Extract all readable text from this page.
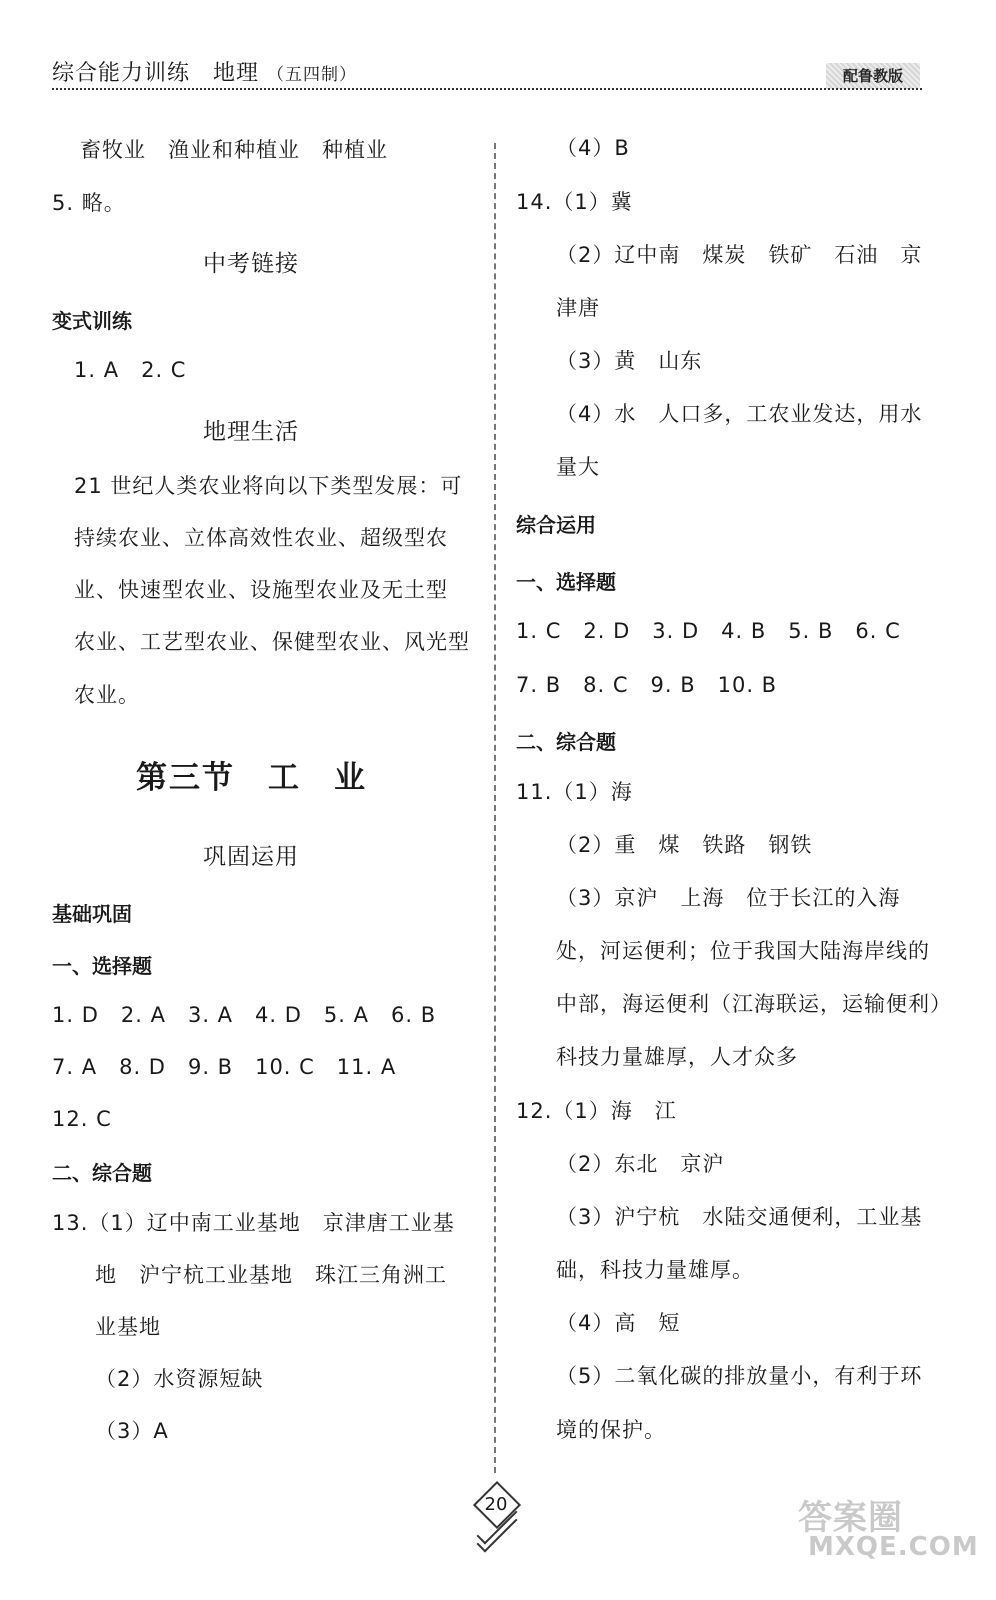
综合能力训练　地理 （五四制）	配鲁教版
畜牧业　渔业和种植业　种植业
5. 略。
中考链接
变式训练
1. A　2. C
地理生活
21 世纪人类农业将向以下类型发展：可
持续农业、立体高效性农业、超级型农
业、快速型农业、设施型农业及无土型
农业、工艺型农业、保健型农业、风光型
农业。
第三节　工　业
巩固运用
基础巩固
一、选择题
1. D　2. A　3. A　4. D　5. A　6. B
7. A　8. D　9. B　10. C　11. A
12. C
二、综合题
13.（1）辽中南工业基地　京津唐工业基
地　沪宁杭工业基地　珠江三角洲工
业基地
（2）水资源短缺
（3）A
（4）B
14.（1）冀
（2）辽中南　煤炭　铁矿　石油　京
津唐
（3）黄　山东
（4）水　人口多，工农业发达，用水
量大
综合运用
一、选择题
1. C　2. D　3. D　4. B　5. B　6. C
7. B　8. C　9. B　10. B
二、综合题
11.（1）海
（2）重　煤　铁路　钢铁
（3）京沪　上海　位于长江的入海
处，河运便利；位于我国大陆海岸线的
中部，海运便利（江海联运，运输便利）
科技力量雄厚，人才众多
12.（1）海　江
（2）东北　京沪
（3）沪宁杭　水陆交通便利，工业基
础，科技力量雄厚。
（4）高　短
（5）二氧化碳的排放量小，有利于环
境的保护。
20	答案圈
MXQE.COM
